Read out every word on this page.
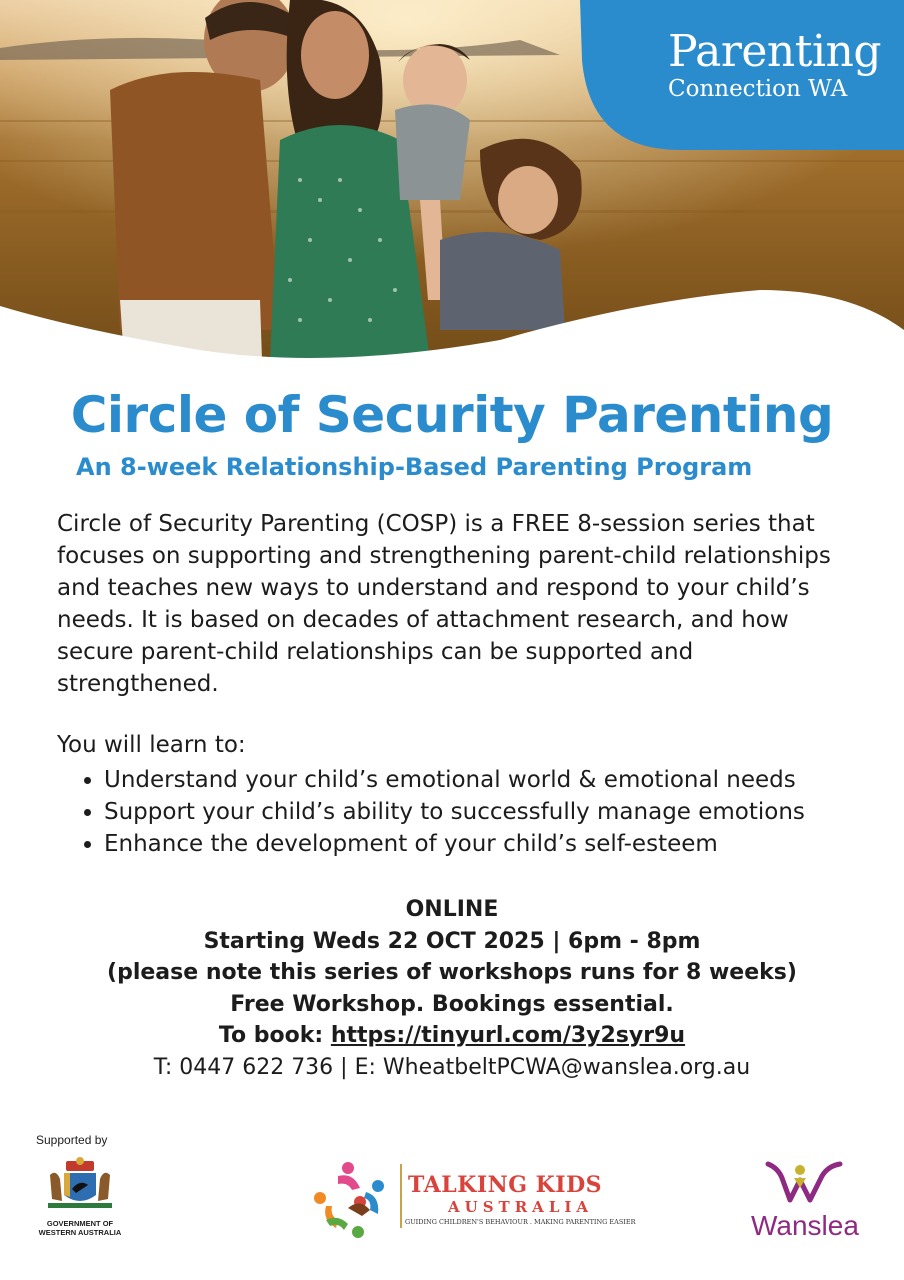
Parenting
Connection WA
Circle of Security Parenting
An 8-week Relationship-Based Parenting Program

Circle of Security Parenting (COSP) is a FREE 8-session series that focuses on supporting and strengthening parent-child relationships and teaches new ways to understand and respond to your child’s needs. It is based on decades of attachment research, and how secure parent-child relationships can be supported and strengthened.

You will learn to:
Understand your child’s emotional world & emotional needs
Support your child’s ability to successfully manage emotions
Enhance the development of your child’s self-esteem
ONLINE
Starting Weds 22 OCT 2025 | 6pm - 8pm
(please note this series of workshops runs for 8 weeks)
Free Workshop. Bookings essential.
To book: https://tinyurl.com/3y2syr9u
T: 0447 622 736 | E: WheatbeltPCWA@wanslea.org.au
Supported by
GOVERNMENT OF
WESTERN AUSTRALIA
TALKING KIDS
AUSTRALIA
GUIDING CHILDREN'S BEHAVIOUR . MAKING PARENTING EASIER	Wanslea
